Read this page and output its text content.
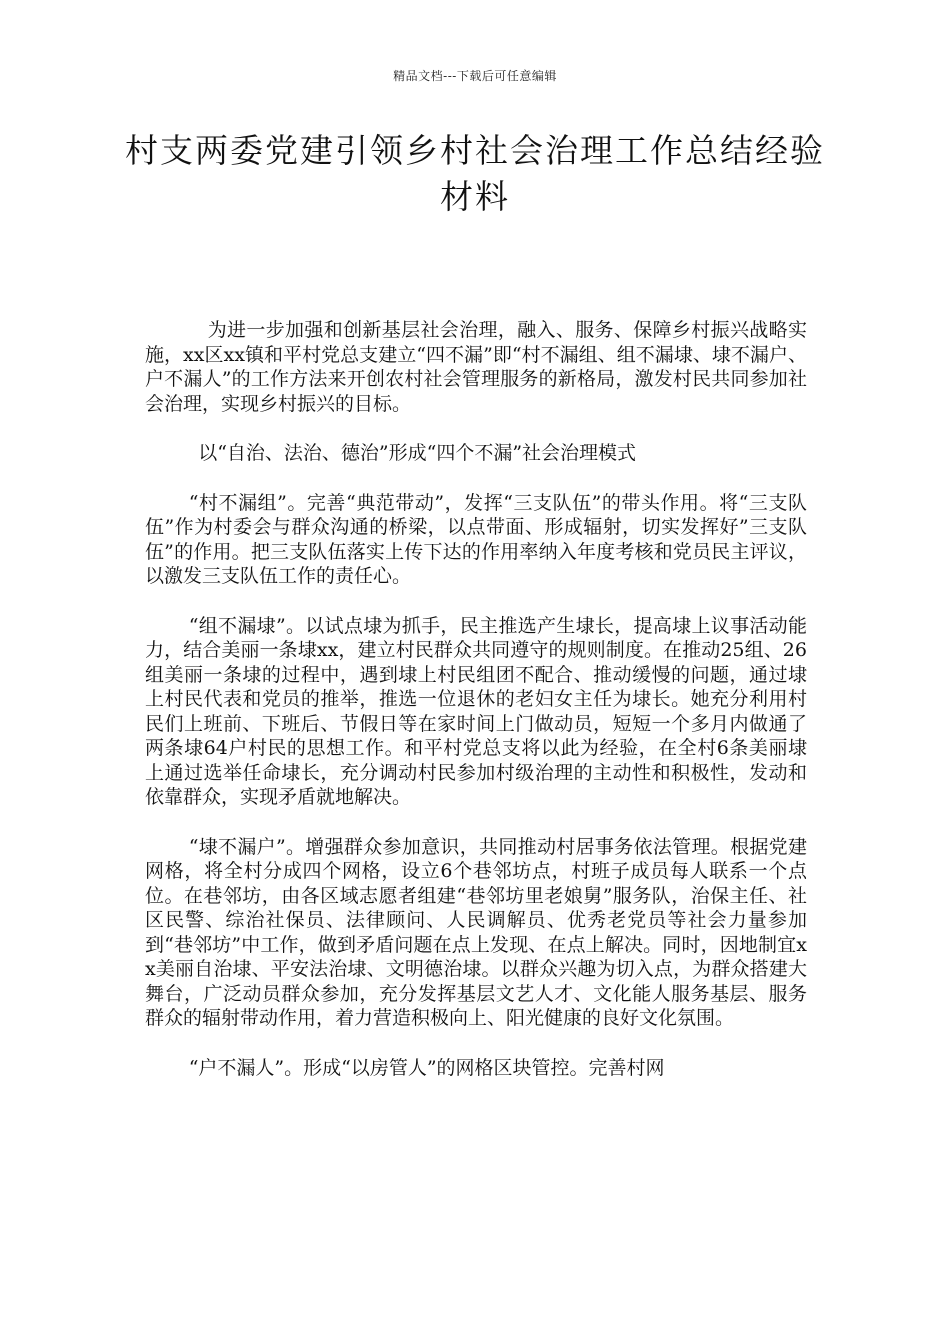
精品文档---下载后可任意编辑
村支两委党建引领乡村社会治理工作总结经验材料

为进一步加强和创新基层社会治理，融入、服务、保障乡村振兴战略实施，xx区xx镇和平村党总支建立“四不漏”即“村不漏组、组不漏埭、埭不漏户、户不漏人”的工作方法来开创农村社会管理服务的新格局，激发村民共同参加社会治理，实现乡村振兴的目标。

以“自治、法治、德治”形成“四个不漏”社会治理模式

“村不漏组”。完善“典范带动”，发挥“三支队伍”的带头作用。将“三支队伍”作为村委会与群众沟通的桥梁，以点带面、形成辐射，切实发挥好”三支队伍”的作用。把三支队伍落实上传下达的作用率纳入年度考核和党员民主评议，以激发三支队伍工作的责任心。

“组不漏埭”。以试点埭为抓手，民主推选产生埭长，提高埭上议事活动能力，结合美丽一条埭xx，建立村民群众共同遵守的规则制度。在推动25组、26组美丽一条埭的过程中，遇到埭上村民组团不配合、推动缓慢的问题，通过埭上村民代表和党员的推举，推选一位退休的老妇女主任为埭长。她充分利用村民们上班前、下班后、节假日等在家时间上门做动员，短短一个多月内做通了两条埭64户村民的思想工作。和平村党总支将以此为经验，在全村6条美丽埭上通过选举任命埭长，充分调动村民参加村级治理的主动性和积极性，发动和依靠群众，实现矛盾就地解决。

“埭不漏户”。增强群众参加意识，共同推动村居事务依法管理。根据党建网格，将全村分成四个网格，设立6个巷邻坊点，村班子成员每人联系一个点位。在巷邻坊，由各区域志愿者组建“巷邻坊里老娘舅”服务队，治保主任、社区民警、综治社保员、法律顾问、人民调解员、优秀老党员等社会力量参加到“巷邻坊”中工作，做到矛盾问题在点上发现、在点上解决。同时，因地制宜xx美丽自治埭、平安法治埭、文明德治埭。以群众兴趣为切入点，为群众搭建大舞台，广泛动员群众参加，充分发挥基层文艺人才、文化能人服务基层、服务群众的辐射带动作用，着力营造积极向上、阳光健康的良好文化氛围。

“户不漏人”。形成“以房管人”的网格区块管控。完善村网
